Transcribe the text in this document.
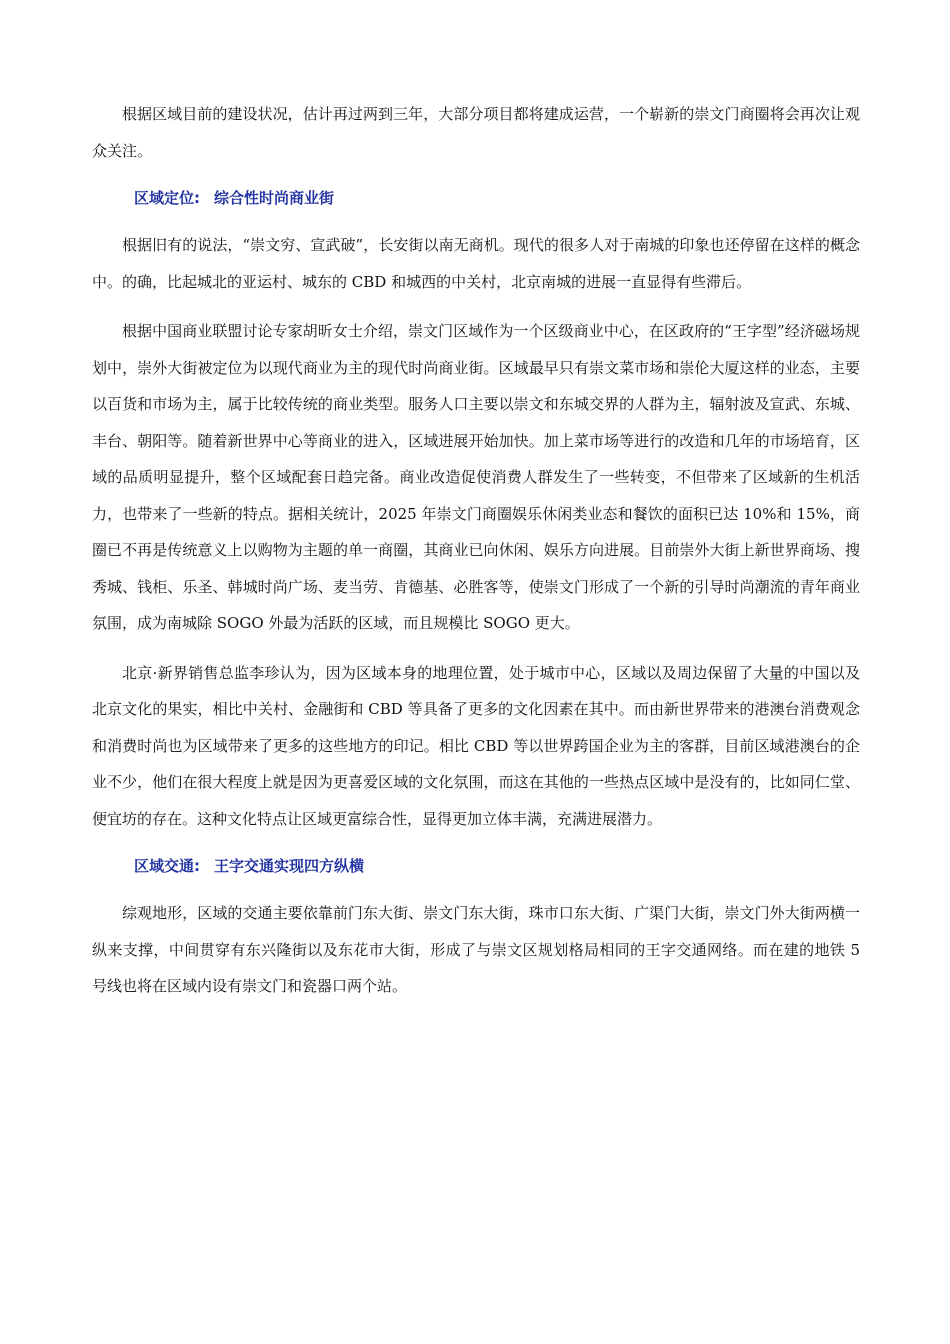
根据区域目前的建设状况，估计再过两到三年，大部分项目都将建成运营，一个崭新的崇文门商圈将会再次让观众关注。

区域定位: 综合性时尚商业街

根据旧有的说法，“崇文穷、宣武破”，长安街以南无商机。现代的很多人对于南城的印象也还停留在这样的概念中。的确，比起城北的亚运村、城东的 CBD 和城西的中关村，北京南城的进展一直显得有些滞后。

根据中国商业联盟讨论专家胡昕女士介绍，崇文门区域作为一个区级商业中心，在区政府的“王字型”经济磁场规划中，崇外大街被定位为以现代商业为主的现代时尚商业街。区域最早只有崇文菜市场和崇伦大厦这样的业态，主要以百货和市场为主，属于比较传统的商业类型。服务人口主要以崇文和东城交界的人群为主，辐射波及宣武、东城、丰台、朝阳等。随着新世界中心等商业的进入，区域进展开始加快。加上菜市场等进行的改造和几年的市场培育，区域的品质明显提升，整个区域配套日趋完备。商业改造促使消费人群发生了一些转变，不但带来了区域新的生机活力，也带来了一些新的特点。据相关统计，2025 年崇文门商圈娱乐休闲类业态和餐饮的面积已达 10%和 15%，商圈已不再是传统意义上以购物为主题的单一商圈，其商业已向休闲、娱乐方向进展。目前崇外大街上新世界商场、搜秀城、钱柜、乐圣、韩城时尚广场、麦当劳、肯德基、必胜客等，使崇文门形成了一个新的引导时尚潮流的青年商业氛围，成为南城除 SOGO 外最为活跃的区域，而且规模比 SOGO 更大。

北京·新界销售总监李珍认为，因为区域本身的地理位置，处于城市中心，区域以及周边保留了大量的中国以及北京文化的果实，相比中关村、金融街和 CBD 等具备了更多的文化因素在其中。而由新世界带来的港澳台消费观念和消费时尚也为区域带来了更多的这些地方的印记。相比 CBD 等以世界跨国企业为主的客群，目前区域港澳台的企业不少，他们在很大程度上就是因为更喜爱区域的文化氛围，而这在其他的一些热点区域中是没有的，比如同仁堂、便宜坊的存在。这种文化特点让区域更富综合性，显得更加立体丰满，充满进展潜力。

区域交通: 王字交通实现四方纵横

综观地形，区域的交通主要依靠前门东大街、崇文门东大街，珠市口东大街、广渠门大街，崇文门外大街两横一纵来支撑，中间贯穿有东兴隆街以及东花市大街，形成了与崇文区规划格局相同的王字交通网络。而在建的地铁 5 号线也将在区域内设有崇文门和瓷器口两个站。
